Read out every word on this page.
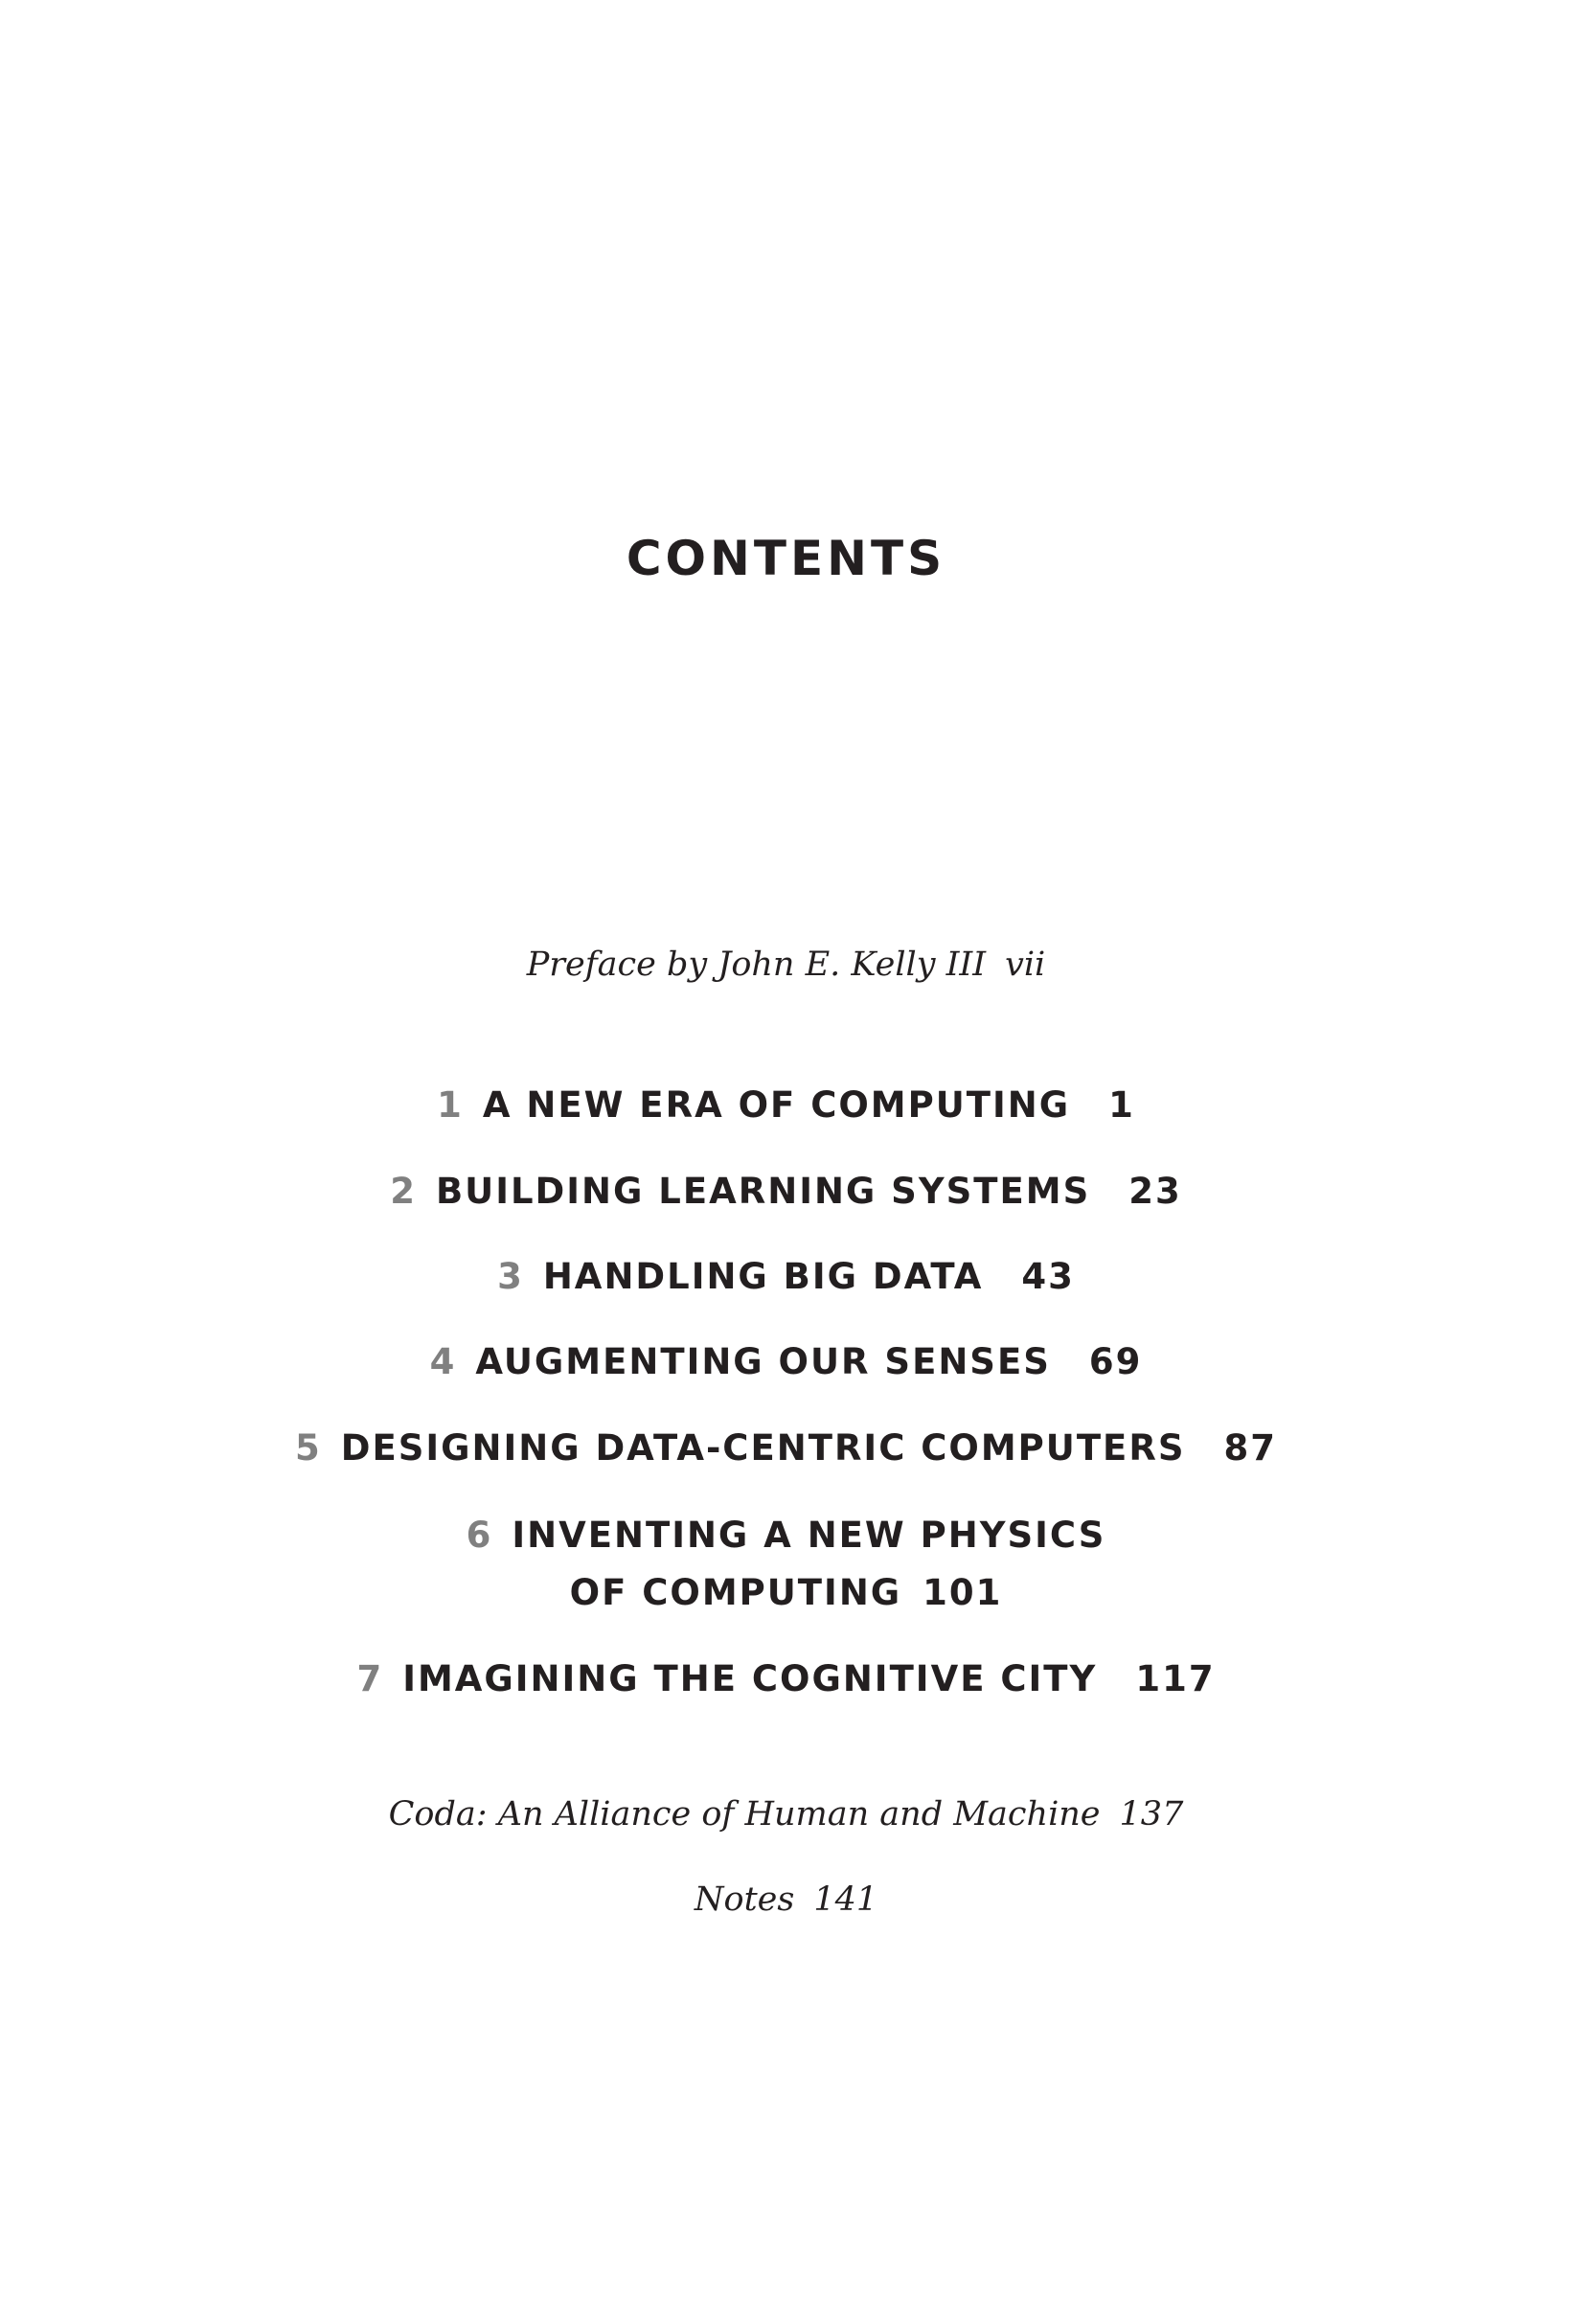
CONTENTS
Preface by John E. Kelly III vii
1 A NEW ERA OF COMPUTING 1
2 BUILDING LEARNING SYSTEMS 23
3 HANDLING BIG DATA 43
4 AUGMENTING OUR SENSES 69
5 DESIGNING DATA-CENTRIC COMPUTERS 87
6 INVENTING A NEW PHYSICS
OF COMPUTING 101
7 IMAGINING THE COGNITIVE CITY 117
Coda: An Alliance of Human and Machine 137
Notes 141
